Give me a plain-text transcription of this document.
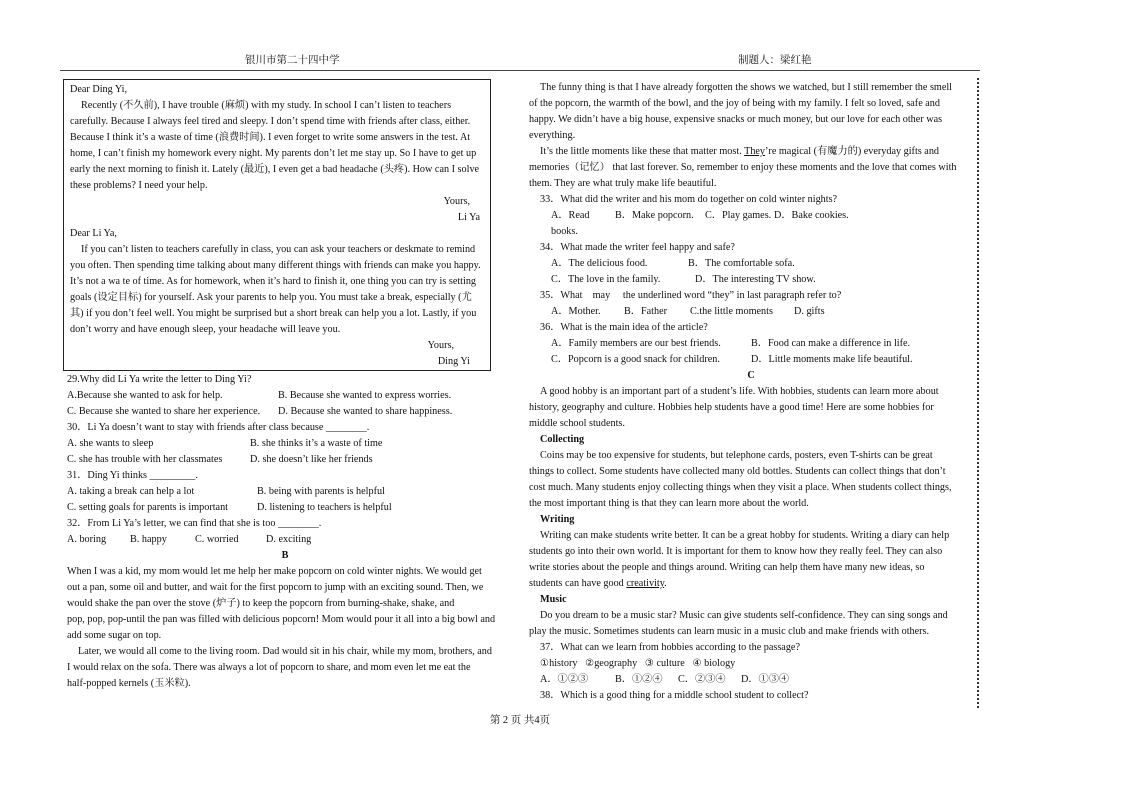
银川市第二十四中学	制题人：梁红艳

Dear Ding Yi,

Recently (不久前), I have trouble (麻烦) with my study. In school I can’t listen to teachers

carefully. Because I always feel tired and sleepy. I don’t spend time with friends after class, either.

Because I think it’s a waste of time (浪费时间). I even forget to write some answers in the test. At

home, I can’t finish my homework every night. My parents don’t let me stay up. So I have to get up

early the next morning to finish it. Lately (最近), I even get a bad headache (头疼). How can I solve

these problems? I need your help.

Yours,

Li Ya

Dear Li Ya,

If you can’t listen to teachers carefully in class, you can ask your teachers or deskmate to remind

you often. Then spending time talking about many different things with friends can make you happy.

It’s not a wa te of time. As for homework, when it’s hard to finish it, one thing you can try is setting

goals (设定目标) for yourself. Ask your parents to help you. You must take a break, especially (尤

其) if you don’t feel well. You might be surprised but a short break can help you a lot. Lastly, if you

don’t worry and have enough sleep, your headache will leave you.

Yours,

Ding Yi

29.Why did Li Ya write the letter to Ding Yi?

A.Because she wanted to ask for help.	B. Because she wanted to express worries.
C. Because she wanted to share her experience.	D. Because she wanted to share happiness.

30．Li Ya doesn’t want to stay with friends after class because ________.

A. she wants to sleep	B. she thinks it’s a waste of time
C. she has trouble with her classmates	D. she doesn’t like her friends

31．Ding Yi thinks _________.

A. taking a break can help a lot	B. being with parents is helpful
C. setting goals for parents is important	D. listening to teachers is helpful

32．From Li Ya’s letter, we can find that she is too ________.

A. boring	B. happy	C. worried	D. exciting

B

When I was a kid, my mom would let me help her make popcorn on cold winter nights. We would get

out a pan, some oil and butter, and wait for the first popcorn to jump with an exciting sound. Then, we

would shake the pan over the stove (炉子) to keep the popcorn from burning-shake, shake, and

pop, pop, pop-until the pan was filled with delicious popcorn! Mom would pour it all into a big bowl and

add some sugar on top.

Later, we would all come to the living room. Dad would sit in his chair, while my mom, brothers, and

I would relax on the sofa. There was always a lot of popcorn to share, and mom even let me eat the

half-popped kernels (玉米粒).

The funny thing is that I have already forgotten the shows we watched, but I still remember the smell

of the popcorn, the warmth of the bowl, and the joy of being with my family. I felt so loved, safe and

happy. We didn’t have a big house, expensive snacks or much money, but our love for each other was

everything.

It’s the little moments like these that matter most. They’re magical (有魔力的) everyday gifts and

memories（记忆） that last forever. So, remember to enjoy these moments and the love that comes with

them. They are what truly make life beautiful.

33．What did the writer and his mom do together on cold winter nights?

A．Read books.
B．Make popcorn.	C．Play games. D．Bake cookies.

34．What made the writer feel happy and safe?

A．The delicious food.	B．The comfortable sofa.
C．The love in the family.	D．The interesting TV show.

35．What    may     the underlined word “they” in last paragraph refer to?

A．Mother.	B．Father	C.the little moments	D. gifts

36．What is the main idea of the article?

A．Family members are our best friends.	B．Food can make a difference in life.
C．Popcorn is a good snack for children.	D．Little moments make life beautiful.

C

A good hobby is an important part of a student’s life. With hobbies, students can learn more about

history, geography and culture. Hobbies help students have a good time! Here are some hobbies for

middle school students.

Collecting

Coins may be too expensive for students, but telephone cards, posters, even T-shirts can be great

things to collect. Some students have collected many old bottles. Students can collect things that don’t

cost much. Many students enjoy collecting things when they visit a place. When students collect things,

the most important thing is that they can learn more about the world.

Writing

Writing can make students write better. It can be a great hobby for students. Writing a diary can help

students go into their own world. It is important for them to know how they really feel. They can also

write stories about the people and things around. Writing can help them have many new ideas, so

students can have good creativity.

Music

Do you dream to be a music star? Music can give students self-confidence. They can sing songs and

play the music. Sometimes students can learn music in a music club and make friends with others.

37．What can we learn from hobbies according to the passage?

①history   ②geography   ③ culture   ④ biology

A．①②③	B．①②④	C．②③④	D．①③④

38．Which is a good thing for a middle school student to collect?

第 2 页 共4页
